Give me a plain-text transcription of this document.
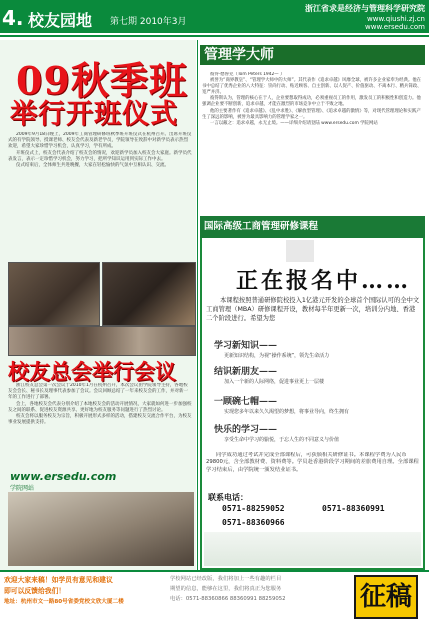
4. 校友园地 第七期 2010年3月
浙江省求是经济与管理科学研究院
www.qiushi.zj.cn
www.ersedu.com
09秋季班
举行开班仪式

2009年9月18日晚上，2009年工商管理研修班秋季班开班仪式在杭州召开。出席开班仪式的有学院领导、授课老师、校友会代表及新老学员，学院领导在致辞中对新学员表示热烈欢迎，希望大家珍惜学习机会，认真学习，学有所成。

开班仪式上，校友会代表介绍了校友会的情况，欢迎新学员加入校友会大家庭。新学员代表发言，表示一定珍惜学习机会，努力学习，把所学知识运用到实际工作中去。

仪式结束后，全体师生共进晚餐，大家在轻松愉快的气氛中互相认识、交流。

校友总会举行会议

浙江校友总会第一次会议于2010年1月在杭州召开，本次会议由学院领导主持，各地校友会会长、秘书长及理事代表参加了会议。会议回顾总结了一年来校友会的工作，并对新一年的工作进行了部署。

会上，各地校友会代表分别介绍了本地校友会的活动开展情况，大家就如何进一步加强校友之间的联系、促进校友资源共享、更好地为校友服务等问题进行了热烈讨论。

校友会将以服务校友为宗旨，积极开展形式多样的活动，搭建校友交流合作平台，为校友事业发展提供支持。

www.ersedu.com
学院网站
管理学大师

彼得·德鲁克（Tom Peters 1942— ）

被誉为“商界教皇”、“管理学大师中的大师”。其代表作《追求卓越》风靡全球，被许多企业家奉为经典。他在书中总结了优秀企业的八大特征：崇尚行动、贴近顾客、自主创新、以人促产、价值驱动、不离本行、精兵简政、宽严并济。

彼得斯认为，管理的核心在于人，企业要想取得成功，必须重视员工的作用，激发员工的积极性和创造力。他强调企业要不断创新，追求卓越，才能在激烈的市场竞争中立于不败之地。

他的主要著作有《追求卓越》、《乱中求胜》、《解放型管理》、《追求卓越的激情》等，对现代管理理论和实践产生了深远的影响，被誉为最具影响力的管理学家之一。

一言以蔽之：追求卓越，永无止境。——详细介绍请登陆 www.ersedu.com 学院网站

国际高级工商管理研修课程
正在报名中……
本课程按照普通研修院校投入1亿港元开发的全球首个国际认可的全中文工商管理（MBA）研修课程开设，教材每半年更新一次，培训分内地、香港二个阶段进行。希望为您
学习新知识——
更新知识结构，为视“操作系统”，领先生命活力
结识新朋友——
加入一个新的人际网络，促进事业更上一层楼
一顾碗七帽——
实现您多年以来久久渴望的梦想，将事业导向，终生拥有
快乐的学习——
享受生命中学习的愉悦，于忘人生的不同意义与价值
同学成功通过考试并完成全部课程后，可获颁相关研修证书。本课程学费为人民币29800元，含全部教材费、资料费等。学员赴香港阶段学习期间的差旅费用自理。全部课程学习结束后，由学院统一颁发结业证书。
联系电话：
0571-88259052	0571-88360991
0571-88360966
欢迎大家来稿！如学员有意见和建议
即可以反馈给我们！
地址：杭州市文一路80号省委党校文欣大厦二楼
学校网站已经改版，我们将加上一些有趣的栏目
期望的信息，能够在这里，我们将真正为您服务
电话：0571-88360866 88360991 88259052	征稿
